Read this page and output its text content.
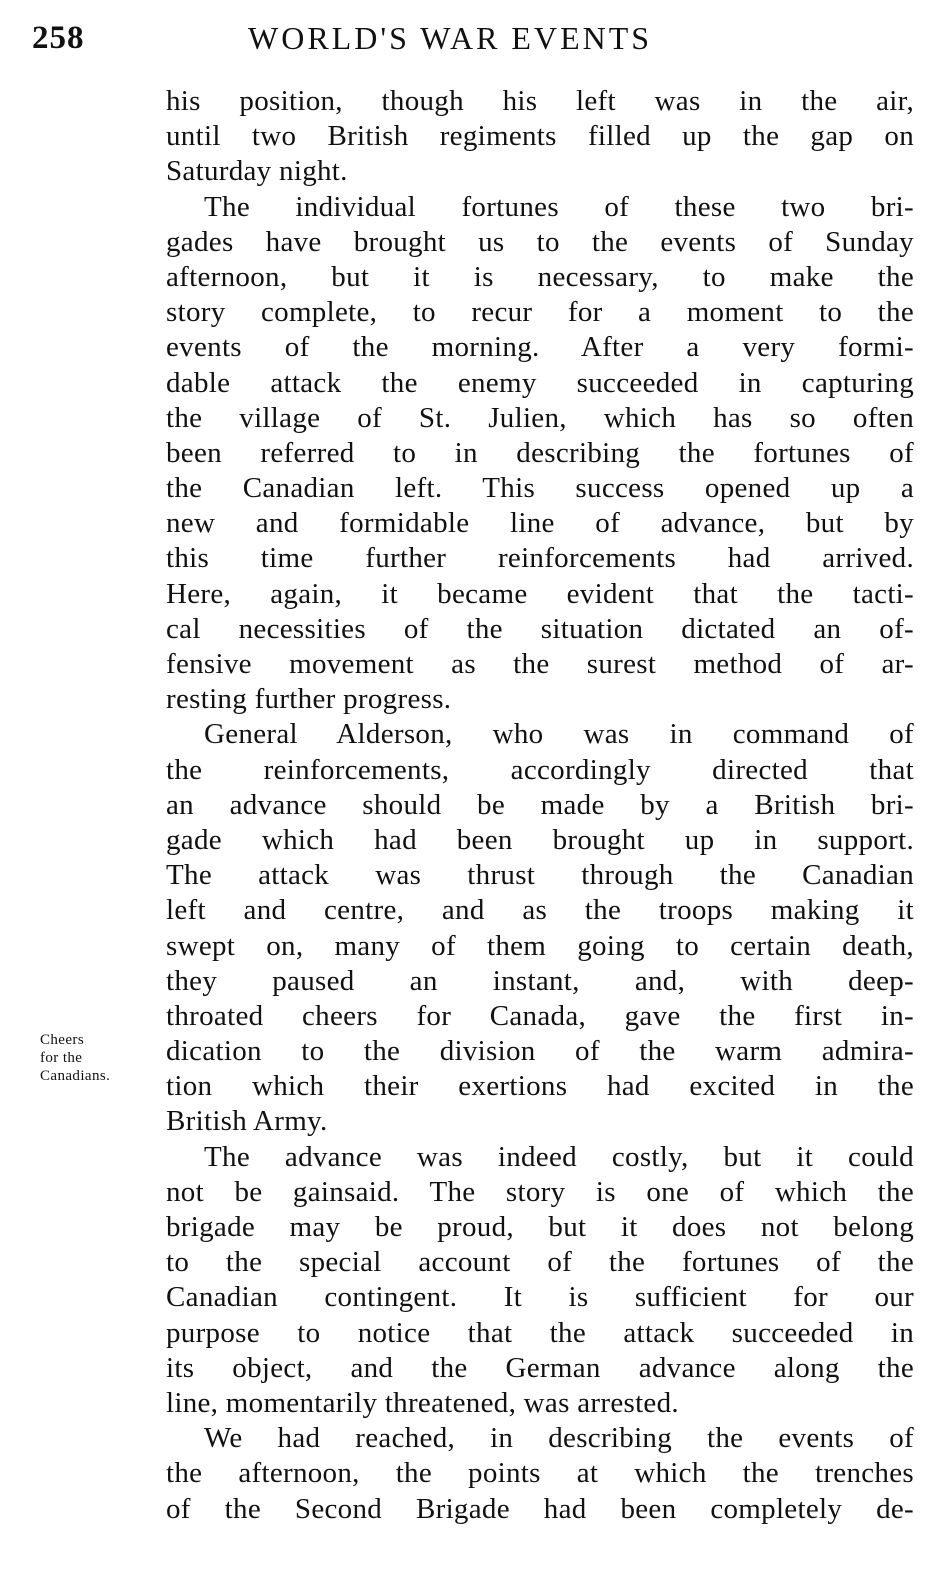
258	WORLD'S WAR EVENTS
Cheers
for the
Canadians.
his position, though his left was in the air,
until two British regiments filled up the gap on
Saturday night.
The individual fortunes of these two bri-
gades have brought us to the events of Sunday
afternoon, but it is necessary, to make the
story complete, to recur for a moment to the
events of the morning. After a very formi-
dable attack the enemy succeeded in capturing
the village of St. Julien, which has so often
been referred to in describing the fortunes of
the Canadian left. This success opened up a
new and formidable line of advance, but by
this time further reinforcements had arrived.
Here, again, it became evident that the tacti-
cal necessities of the situation dictated an of-
fensive movement as the surest method of ar-
resting further progress.
General Alderson, who was in command of
the reinforcements, accordingly directed that
an advance should be made by a British bri-
gade which had been brought up in support.
The attack was thrust through the Canadian
left and centre, and as the troops making it
swept on, many of them going to certain death,
they paused an instant, and, with deep-
throated cheers for Canada, gave the first in-
dication to the division of the warm admira-
tion which their exertions had excited in the
British Army.
The advance was indeed costly, but it could
not be gainsaid. The story is one of which the
brigade may be proud, but it does not belong
to the special account of the fortunes of the
Canadian contingent. It is sufficient for our
purpose to notice that the attack succeeded in
its object, and the German advance along the
line, momentarily threatened, was arrested.
We had reached, in describing the events of
the afternoon, the points at which the trenches
of the Second Brigade had been completely de-
